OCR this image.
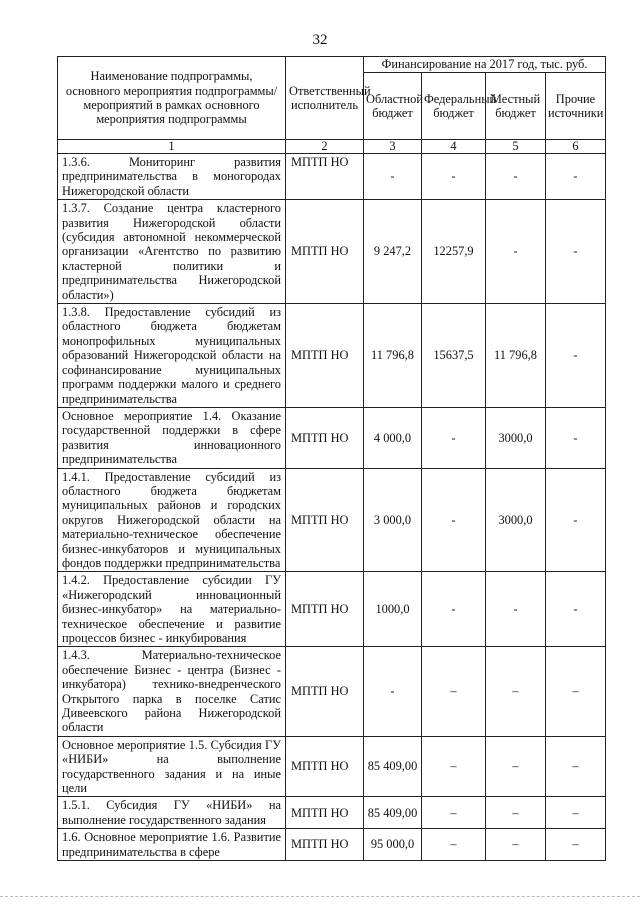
32
Наименование подпрограммы, основного мероприятия подпрограммы/мероприятий в рамках основного мероприятия подпрограммы	Ответственный исполнитель	Финансирование на 2017 год, тыс. руб.			
		Областной бюджет	Федеральный бюджет	Местный бюджет	Прочие источники
1	2	3	4	5	6
1.3.6. Мониторинг развития предпринимательства в моногородах Нижегородской области	МПТП НО	-	-	-	-
1.3.7. Создание центра кластерного развития Нижегородской области (субсидия автономной некоммерческой организации «Агентство по развитию кластерной политики и предпринимательства Нижегородской области»)	МПТП НО	9 247,2	12257,9	-	-
1.3.8. Предоставление субсидий из областного бюджета бюджетам монопрофильных муниципальных образований Нижегородской области на софинансирование муниципальных программ поддержки малого и среднего предпринимательства	МПТП НО	11 796,8	15637,5	11 796,8	-
Основное мероприятие 1.4. Оказание государственной поддержки в сфере развития инновационного предпринимательства	МПТП НО	4 000,0	-	3000,0	-
1.4.1. Предоставление субсидий из областного бюджета бюджетам муниципальных районов и городских округов Нижегородской области на материально-техническое обеспечение бизнес-инкубаторов и муниципальных фондов поддержки предпринимательства	МПТП НО	3 000,0	-	3000,0	-
1.4.2. Предоставление субсидии ГУ «Нижегородский инновационный бизнес-инкубатор» на материально-техническое обеспечение и развитие процессов бизнес - инкубирования	МПТП НО	1000,0	-	-	-
1.4.3. Материально-техническое обеспечение Бизнес - центра (Бизнес - инкубатора) технико-внедренческого Открытого парка в поселке Сатис Дивеевского района Нижегородской области	МПТП НО	-	–	–	–
Основное мероприятие 1.5. Субсидия ГУ «НИБИ» на выполнение государственного задания и на иные цели	МПТП НО	85 409,00	–	–	–
1.5.1. Субсидия ГУ «НИБИ» на выполнение государственного задания	МПТП НО	85 409,00	–	–	–
1.6. Основное мероприятие 1.6. Развитие предпринимательства в сфере	МПТП НО	95 000,0	–	–	–
